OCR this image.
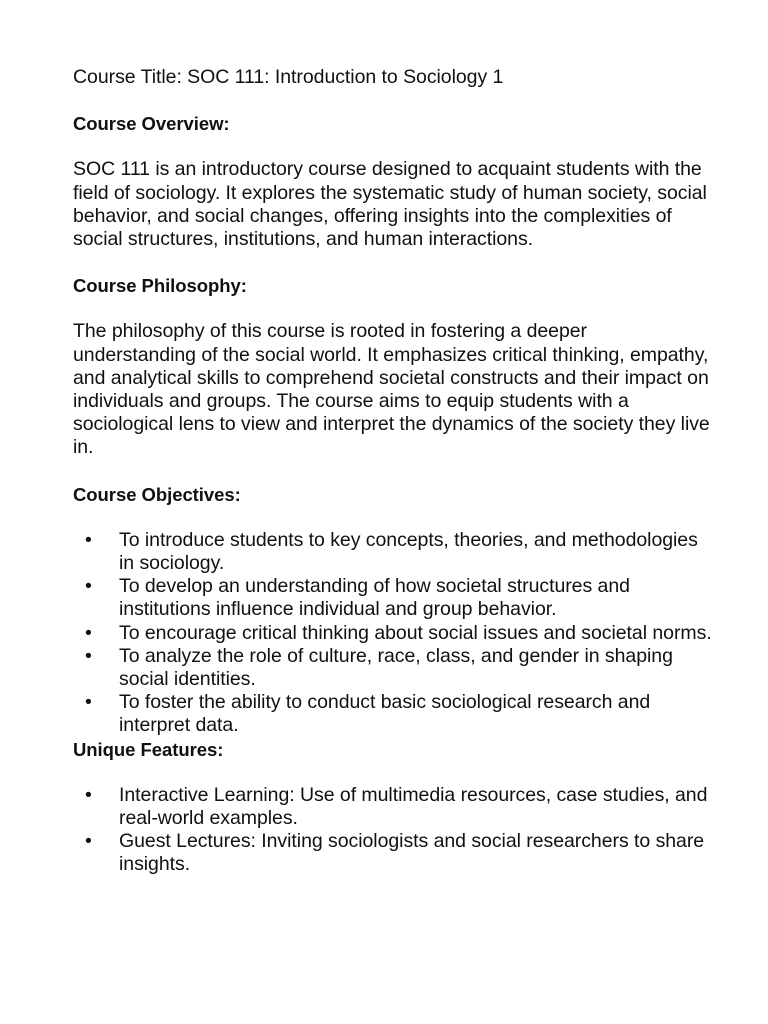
Course Title: SOC 111: Introduction to Sociology 1

Course Overview:

SOC 111 is an introductory course designed to acquaint students with the field of sociology. It explores the systematic study of human society, social behavior, and social changes, offering insights into the complexities of social structures, institutions, and human interactions.

Course Philosophy:

The philosophy of this course is rooted in fostering a deeper understanding of the social world. It emphasizes critical thinking, empathy, and analytical skills to comprehend societal constructs and their impact on individuals and groups. The course aims to equip students with a sociological lens to view and interpret the dynamics of the society they live in.

Course Objectives:

• To introduce students to key concepts, theories, and methodologies in sociology.
• To develop an understanding of how societal structures and institutions influence individual and group behavior.
• To encourage critical thinking about social issues and societal norms.
• To analyze the role of culture, race, class, and gender in shaping social identities.
• To foster the ability to conduct basic sociological research and interpret data.

Unique Features:

• Interactive Learning: Use of multimedia resources, case studies, and real-world examples.
• Guest Lectures: Inviting sociologists and social researchers to share insights.
